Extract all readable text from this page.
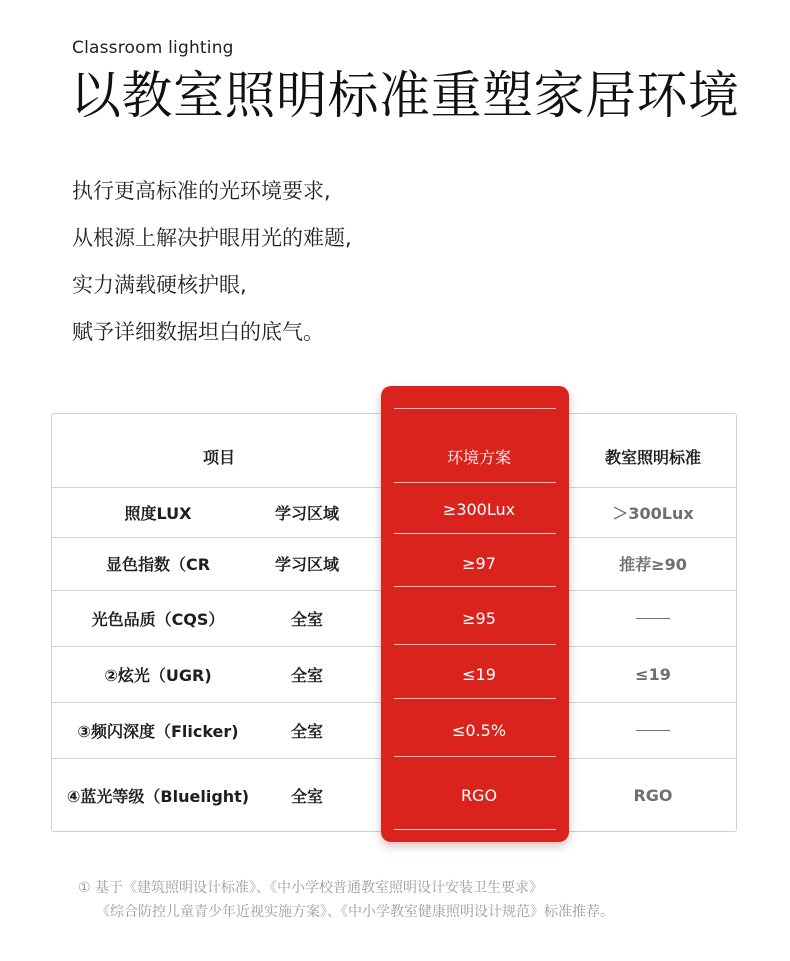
Classroom lighting
以教室照明标准重塑家居环境
执行更高标准的光环境要求,
从根源上解决护眼用光的难题,
实力满载硬核护眼,
赋予详细数据坦白的底气。
项目	教室照明标准
照度LUX
显色指数（CR
光色品质（CQS）
②炫光（UGR)
③频闪深度（Flicker)
④蓝光等级（Bluelight)
学习区域
学习区域
全室
全室
全室
全室
＞300Lux
推荐≥90
≤19
RGO
环境方案
≥300Lux
≥97
≥95
≤19
≤0.5%
RGO
① 基于《建筑照明设计标准》、《中小学校普通教室照明设计安装卫生要求》
《综合防控儿童青少年近视实施方案》、《中小学教室健康照明设计规范》标准推荐。
